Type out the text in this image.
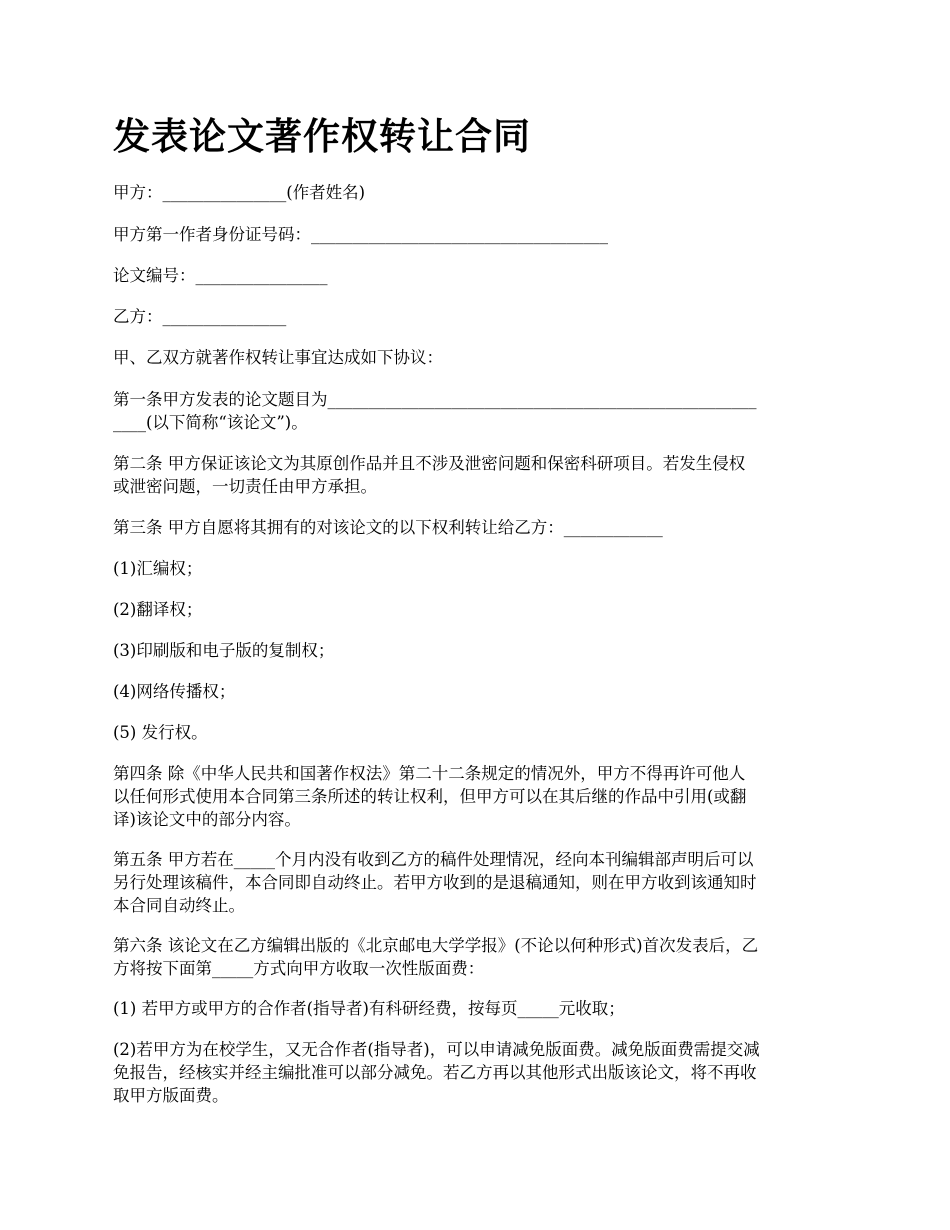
发表论文著作权转让合同

甲方：_______________(作者姓名)

甲方第一作者身份证号码：____________________________________

论文编号：________________

乙方：_______________

甲、乙双方就著作权转让事宜达成如下协议：

第一条甲方发表的论文题目为____________________________________________________
____(以下简称“该论文”)。

第二条 甲方保证该论文为其原创作品并且不涉及泄密问题和保密科研项目。若发生侵权
或泄密问题，一切责任由甲方承担。

第三条 甲方自愿将其拥有的对该论文的以下权利转让给乙方：____________

(1)汇编权；

(2)翻译权；

(3)印刷版和电子版的复制权；

(4)网络传播权；

(5) 发行权。

第四条 除《中华人民共和国著作权法》第二十二条规定的情况外，甲方不得再许可他人
以任何形式使用本合同第三条所述的转让权利，但甲方可以在其后继的作品中引用(或翻
译)该论文中的部分内容。

第五条 甲方若在_____个月内没有收到乙方的稿件处理情况，经向本刊编辑部声明后可以
另行处理该稿件，本合同即自动终止。若甲方收到的是退稿通知，则在甲方收到该通知时
本合同自动终止。

第六条 该论文在乙方编辑出版的《北京邮电大学学报》(不论以何种形式)首次发表后，乙
方将按下面第_____方式向甲方收取一次性版面费：

(1) 若甲方或甲方的合作者(指导者)有科研经费，按每页_____元收取；

(2)若甲方为在校学生，又无合作者(指导者)，可以申请减免版面费。减免版面费需提交减
免报告，经核实并经主编批准可以部分减免。若乙方再以其他形式出版该论文，将不再收
取甲方版面费。
